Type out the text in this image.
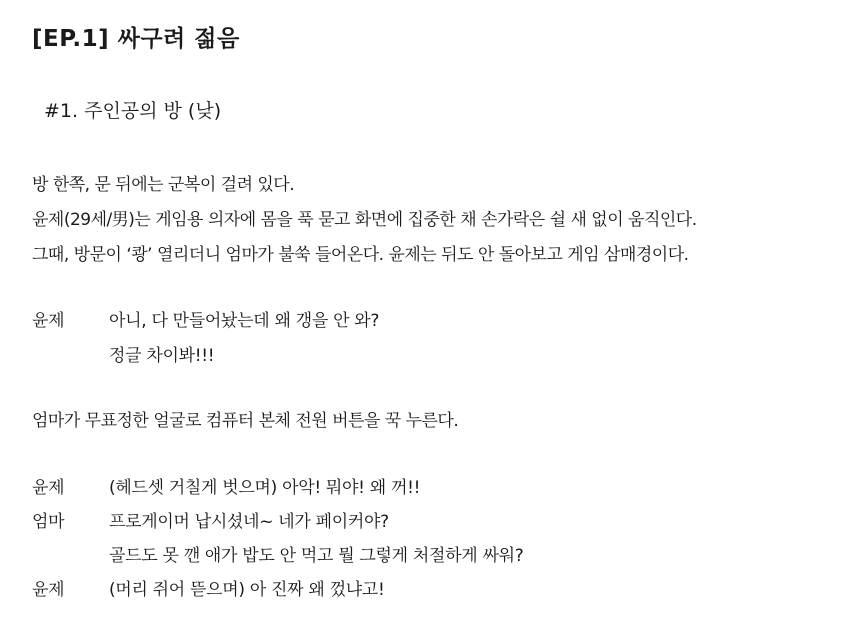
[EP.1] 싸구려 젊음
#1. 주인공의 방 (낮)
방 한쪽, 문 뒤에는 군복이 걸려 있다.
윤제(29세/男)는 게임용 의자에 몸을 푹 묻고 화면에 집중한 채 손가락은 쉴 새 없이 움직인다.
그때, 방문이 ‘쾅’ 열리더니 엄마가 불쑥 들어온다. 윤제는 뒤도 안 돌아보고 게임 삼매경이다.
윤제	아니, 다 만들어놨는데 왜 갱을 안 와?
정글 차이봐!!!
엄마가 무표정한 얼굴로 컴퓨터 본체 전원 버튼을 꾹 누른다.
윤제	(헤드셋 거칠게 벗으며) 아악! 뭐야! 왜 꺼!!
엄마	프로게이머 납시셨네~ 네가 페이커야?
골드도 못 깬 애가 밥도 안 먹고 뭘 그렇게 처절하게 싸워?
윤제	(머리 쥐어 뜯으며) 아 진짜 왜 껐냐고!
